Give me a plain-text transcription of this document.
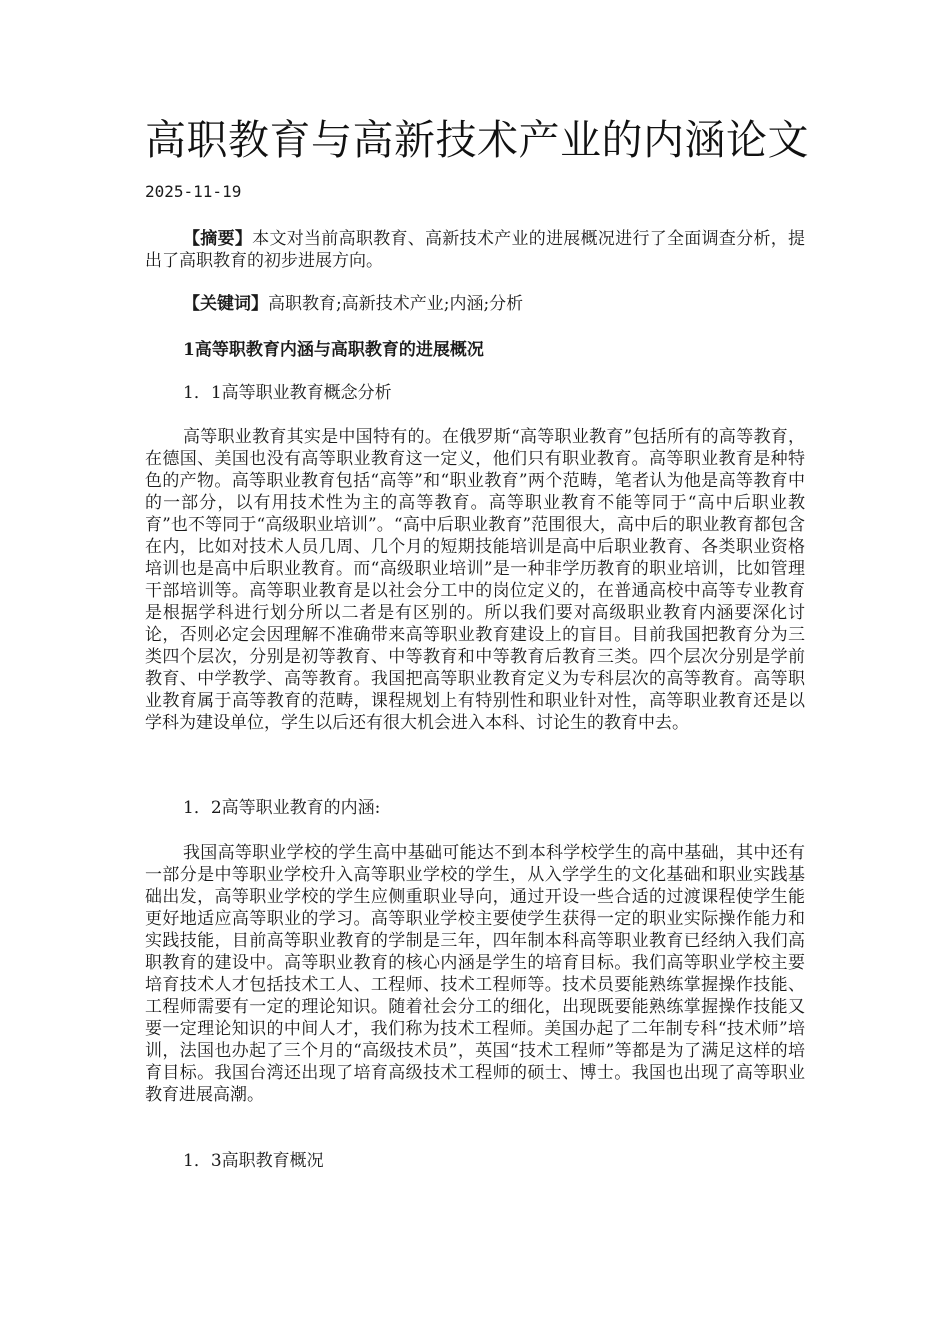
高职教育与高新技术产业的内涵论文
2025-11-19

【摘要】本文对当前高职教育、高新技术产业的进展概况进行了全面调查分析，提出了高职教育的初步进展方向。

【关键词】高职教育;高新技术产业;内涵;分析

1高等职教育内涵与高职教育的进展概况

1．1高等职业教育概念分析

高等职业教育其实是中国特有的。在俄罗斯“高等职业教育”包括所有的高等教育，在德国、美国也没有高等职业教育这一定义，他们只有职业教育。高等职业教育是种特色的产物。高等职业教育包括“高等”和“职业教育”两个范畴，笔者认为他是高等教育中的一部分，以有用技术性为主的高等教育。高等职业教育不能等同于“高中后职业教育”也不等同于“高级职业培训”。“高中后职业教育”范围很大，高中后的职业教育都包含在内，比如对技术人员几周、几个月的短期技能培训是高中后职业教育、各类职业资格培训也是高中后职业教育。而“高级职业培训”是一种非学历教育的职业培训，比如管理干部培训等。高等职业教育是以社会分工中的岗位定义的，在普通高校中高等专业教育是根据学科进行划分所以二者是有区别的。所以我们要对高级职业教育内涵要深化讨论，否则必定会因理解不准确带来高等职业教育建设上的盲目。目前我国把教育分为三类四个层次，分别是初等教育、中等教育和中等教育后教育三类。四个层次分别是学前教育、中学教学、高等教育。我国把高等职业教育定义为专科层次的高等教育。高等职业教育属于高等教育的范畴，课程规划上有特别性和职业针对性，高等职业教育还是以学科为建设单位，学生以后还有很大机会进入本科、讨论生的教育中去。

1．2高等职业教育的内涵:

我国高等职业学校的学生高中基础可能达不到本科学校学生的高中基础，其中还有一部分是中等职业学校升入高等职业学校的学生，从入学学生的文化基础和职业实践基础出发，高等职业学校的学生应侧重职业导向，通过开设一些合适的过渡课程使学生能更好地适应高等职业的学习。高等职业学校主要使学生获得一定的职业实际操作能力和实践技能，目前高等职业教育的学制是三年，四年制本科高等职业教育已经纳入我们高职教育的建设中。高等职业教育的核心内涵是学生的培育目标。我们高等职业学校主要培育技术人才包括技术工人、工程师、技术工程师等。技术员要能熟练掌握操作技能、工程师需要有一定的理论知识。随着社会分工的细化，出现既要能熟练掌握操作技能又要一定理论知识的中间人才，我们称为技术工程师。美国办起了二年制专科“技术师”培训，法国也办起了三个月的“高级技术员”，英国“技术工程师”等都是为了满足这样的培育目标。我国台湾还出现了培育高级技术工程师的硕士、博士。我国也出现了高等职业教育进展高潮。

1．3高职教育概况
